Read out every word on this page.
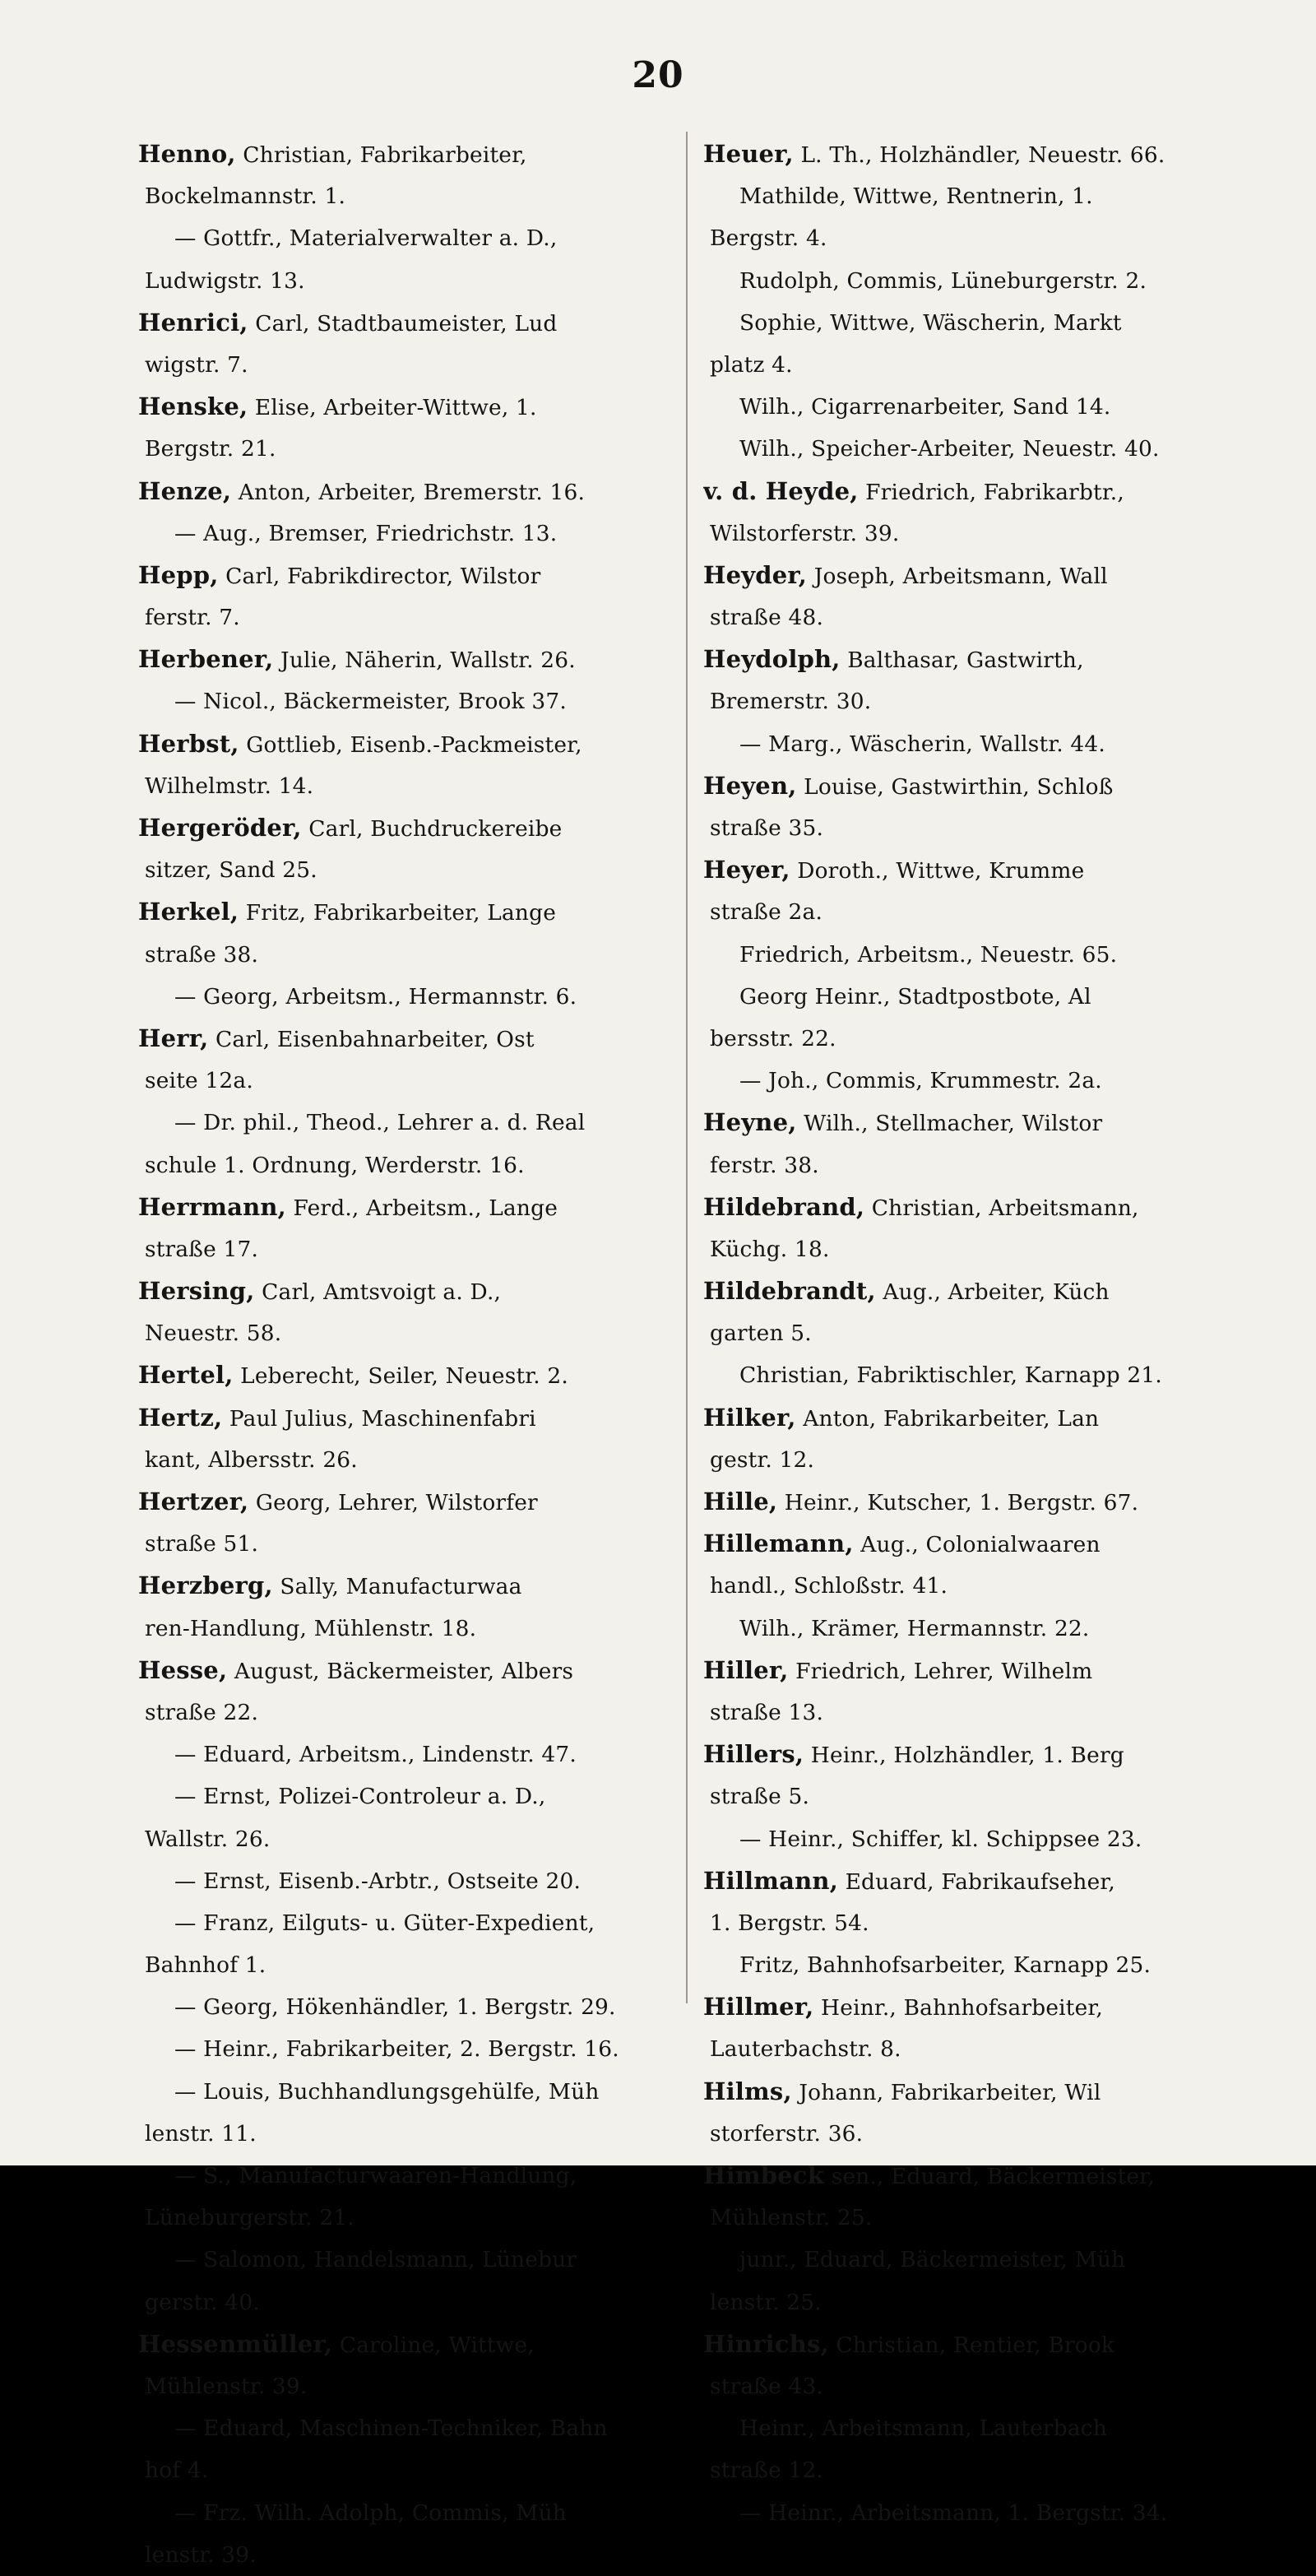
20
Henno, Christian, Fabrikarbeiter,
Bockelmannstr. 1.
— Gottfr., Materialverwalter a. D.,
Ludwigstr. 13.
Henrici, Carl, Stadtbaumeister, Lud
wigstr. 7.
Henske, Elise, Arbeiter-Wittwe, 1.
Bergstr. 21.
Henze, Anton, Arbeiter, Bremerstr. 16.
— Aug., Bremser, Friedrichstr. 13.
Hepp, Carl, Fabrikdirector, Wilstor
ferstr. 7.
Herbener, Julie, Näherin, Wallstr. 26.
— Nicol., Bäckermeister, Brook 37.
Herbst, Gottlieb, Eisenb.-Packmeister,
Wilhelmstr. 14.
Hergeröder, Carl, Buchdruckereibe
sitzer, Sand 25.
Herkel, Fritz, Fabrikarbeiter, Lange
straße 38.
— Georg, Arbeitsm., Hermannstr. 6.
Herr, Carl, Eisenbahnarbeiter, Ost
seite 12a.
— Dr. phil., Theod., Lehrer a. d. Real
schule 1. Ordnung, Werderstr. 16.
Herrmann, Ferd., Arbeitsm., Lange
straße 17.
Hersing, Carl, Amtsvoigt a. D.,
Neuestr. 58.
Hertel, Leberecht, Seiler, Neuestr. 2.
Hertz, Paul Julius, Maschinenfabri
kant, Albersstr. 26.
Hertzer, Georg, Lehrer, Wilstorfer
straße 51.
Herzberg, Sally, Manufacturwaa
ren-Handlung, Mühlenstr. 18.
Hesse, August, Bäckermeister, Albers
straße 22.
— Eduard, Arbeitsm., Lindenstr. 47.
— Ernst, Polizei-Controleur a. D.,
Wallstr. 26.
— Ernst, Eisenb.-Arbtr., Ostseite 20.
— Franz, Eilguts- u. Güter-Expedient,
Bahnhof 1.
— Georg, Hökenhändler, 1. Bergstr. 29.
— Heinr., Fabrikarbeiter, 2. Bergstr. 16.
— Louis, Buchhandlungsgehülfe, Müh
lenstr. 11.
— S., Manufacturwaaren-Handlung,
Lüneburgerstr. 21.
— Salomon, Handelsmann, Lünebur
gerstr. 40.
Hessenmüller, Caroline, Wittwe,
Mühlenstr. 39.
— Eduard, Maschinen-Techniker, Bahn
hof 4.
— Frz. Wilh. Adolph, Commis, Müh
lenstr. 39.
Heuer, L. Th., Holzhändler, Neuestr. 66.
Mathilde, Wittwe, Rentnerin, 1.
Bergstr. 4.
Rudolph, Commis, Lüneburgerstr. 2.
Sophie, Wittwe, Wäscherin, Markt
platz 4.
Wilh., Cigarrenarbeiter, Sand 14.
Wilh., Speicher-Arbeiter, Neuestr. 40.
v. d. Heyde, Friedrich, Fabrikarbtr.,
Wilstorferstr. 39.
Heyder, Joseph, Arbeitsmann, Wall
straße 48.
Heydolph, Balthasar, Gastwirth,
Bremerstr. 30.
— Marg., Wäscherin, Wallstr. 44.
Heyen, Louise, Gastwirthin, Schloß
straße 35.
Heyer, Doroth., Wittwe, Krumme
straße 2a.
Friedrich, Arbeitsm., Neuestr. 65.
Georg Heinr., Stadtpostbote, Al
bersstr. 22.
— Joh., Commis, Krummestr. 2a.
Heyne, Wilh., Stellmacher, Wilstor
ferstr. 38.
Hildebrand, Christian, Arbeitsmann,
Küchg. 18.
Hildebrandt, Aug., Arbeiter, Küch
garten 5.
Christian, Fabriktischler, Karnapp 21.
Hilker, Anton, Fabrikarbeiter, Lan
gestr. 12.
Hille, Heinr., Kutscher, 1. Bergstr. 67.
Hillemann, Aug., Colonialwaaren
handl., Schloßstr. 41.
Wilh., Krämer, Hermannstr. 22.
Hiller, Friedrich, Lehrer, Wilhelm
straße 13.
Hillers, Heinr., Holzhändler, 1. Berg
straße 5.
— Heinr., Schiffer, kl. Schippsee 23.
Hillmann, Eduard, Fabrikaufseher,
1. Bergstr. 54.
Fritz, Bahnhofsarbeiter, Karnapp 25.
Hillmer, Heinr., Bahnhofsarbeiter,
Lauterbachstr. 8.
Hilms, Johann, Fabrikarbeiter, Wil
storferstr. 36.
Himbeck sen., Eduard, Bäckermeister,
Mühlenstr. 25.
junr., Eduard, Bäckermeister, Müh
lenstr. 25.
Hinrichs, Christian, Rentier, Brook
straße 43.
Heinr., Arbeitsmann, Lauterbach
straße 12.
— Heinr., Arbeitsmann, 1. Bergstr. 34.
